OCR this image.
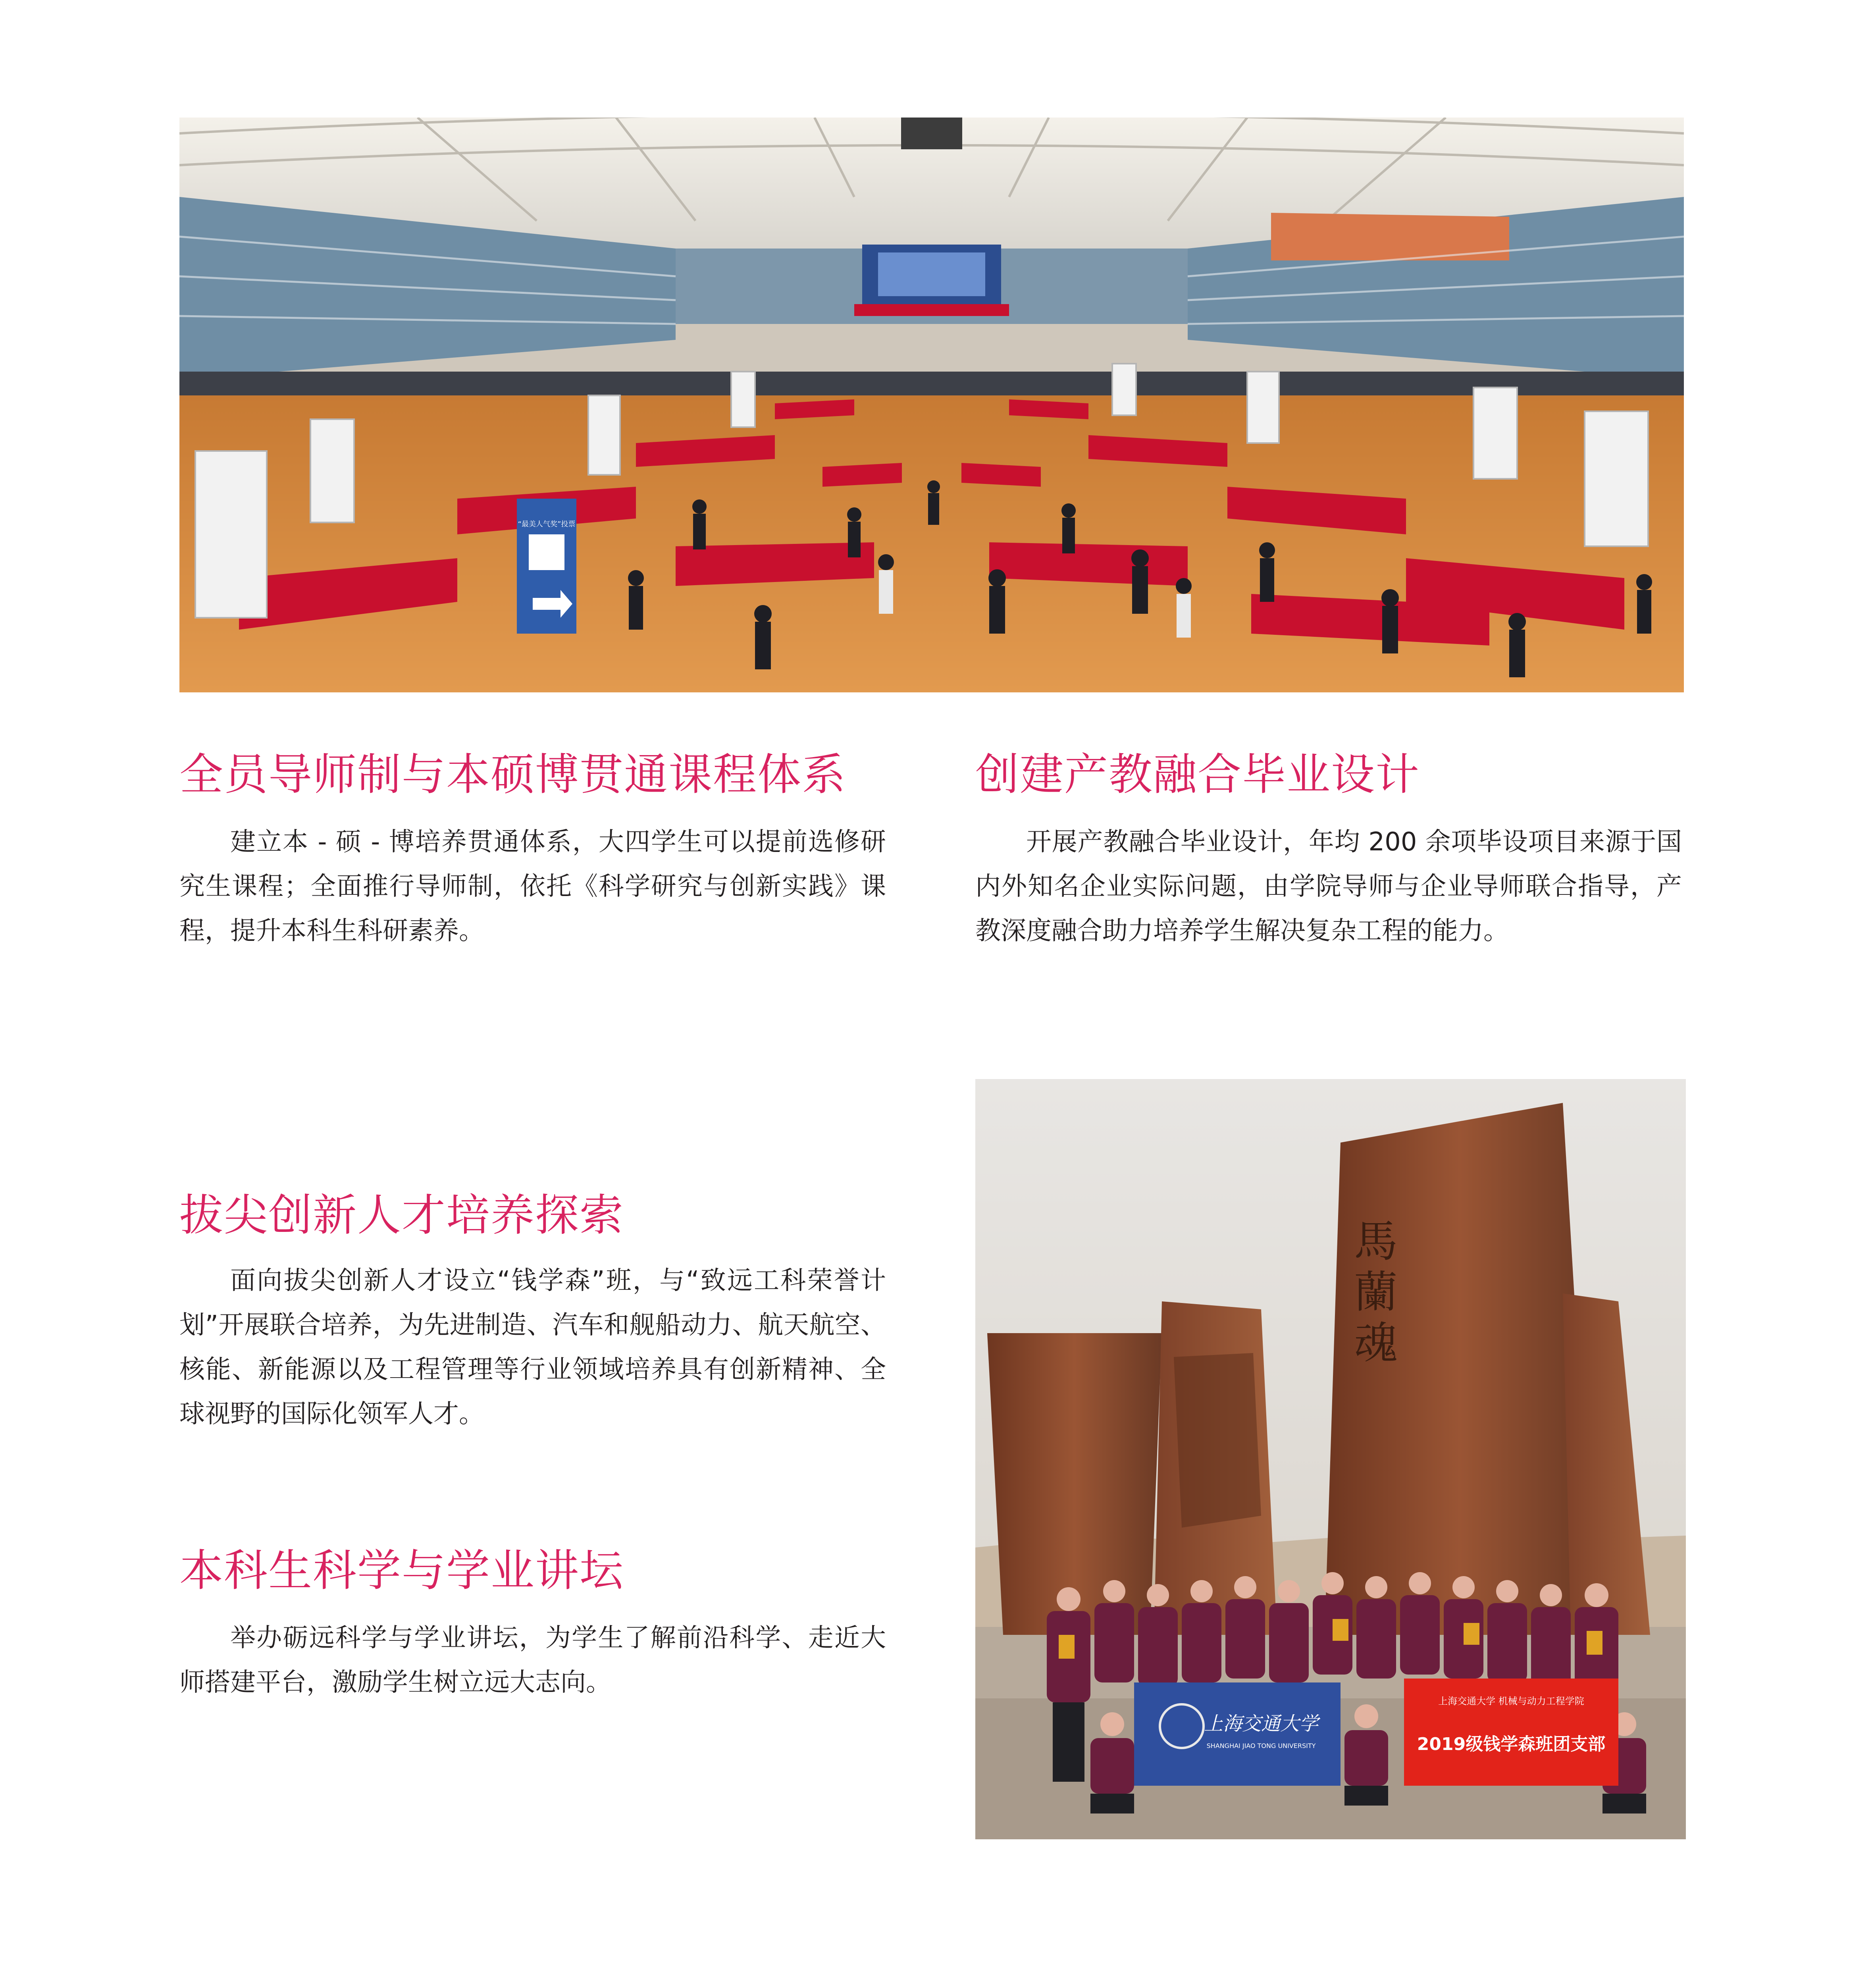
“最美人气奖”投票
全员导师制与本硕博贯通课程体系

建立本 - 硕 - 博培养贯通体系，大四学生可以提前选修研究生课程；全面推行导师制，依托《科学研究与创新实践》课程，提升本科生科研素养。

创建产教融合毕业设计

开展产教融合毕业设计，年均 200 余项毕设项目来源于国内外知名企业实际问题，由学院导师与企业导师联合指导，产教深度融合助力培养学生解决复杂工程的能力。

拔尖创新人才培养探索

面向拔尖创新人才设立“钱学森”班，与“致远工科荣誉计划”开展联合培养，为先进制造、汽车和舰船动力、航天航空、核能、新能源以及工程管理等行业领域培养具有创新精神、全球视野的国际化领军人才。

本科生科学与学业讲坛

举办砺远科学与学业讲坛，为学生了解前沿科学、走近大师搭建平台，激励学生树立远大志向。

馬蘭魂
上海交通大学
SHANGHAI JIAO TONG UNIVERSITY
上海交通大学 机械与动力工程学院
2019级钱学森班团支部
